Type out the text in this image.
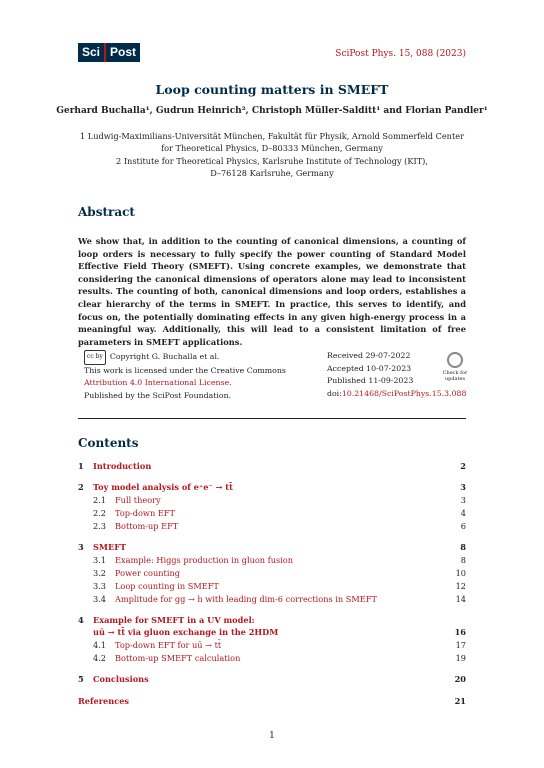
Sci Post	SciPost Phys. 15, 088 (2023)
Loop counting matters in SMEFT
Gerhard Buchalla¹, Gudrun Heinrich², Christoph Müller-Salditt¹ and Florian Pandler¹
1 Ludwig-Maximilians-Universität München, Fakultät für Physik, Arnold Sommerfeld Center
for Theoretical Physics, D–80333 München, Germany
2 Institute for Theoretical Physics, Karlsruhe Institute of Technology (KIT),
D–76128 Karlsruhe, Germany
Abstract
We show that, in addition to the counting of canonical dimensions, a counting of loop orders is necessary to fully specify the power counting of Standard Model Effective Field Theory (SMEFT). Using concrete examples, we demonstrate that considering the canonical dimensions of operators alone may lead to inconsistent results. The counting of both, canonical dimensions and loop orders, establishes a clear hierarchy of the terms in SMEFT. In practice, this serves to identify, and focus on, the potentially dominating effects in any given high-energy process in a meaningful way. Additionally, this will lead to a consistent limitation of free parameters in SMEFT applications.
cc by Copyright G. Buchalla et al.
This work is licensed under the Creative Commons
Attribution 4.0 International License.
Published by the SciPost Foundation.
Received 29-07-2022
Accepted 10-07-2023
Published 11-09-2023
doi:10.21468/SciPostPhys.15.3.088
Check for updates
Contents
1 Introduction	2
2 Toy model analysis of e⁺e⁻ → tt̄	3
2.1 Full theory	3
2.2 Top-down EFT	4
2.3 Bottom-up EFT	6
3 SMEFT	8
3.1 Example: Higgs production in gluon fusion	8
3.2 Power counting	10
3.3 Loop counting in SMEFT	12
3.4 Amplitude for gg → h with leading dim-6 corrections in SMEFT	14
4 Example for SMEFT in a UV model:
uū → tt̄ via gluon exchange in the 2HDM	16
4.1 Top-down EFT for uū → tt̄	17
4.2 Bottom-up SMEFT calculation	19
5 Conclusions	20
References	21
1
